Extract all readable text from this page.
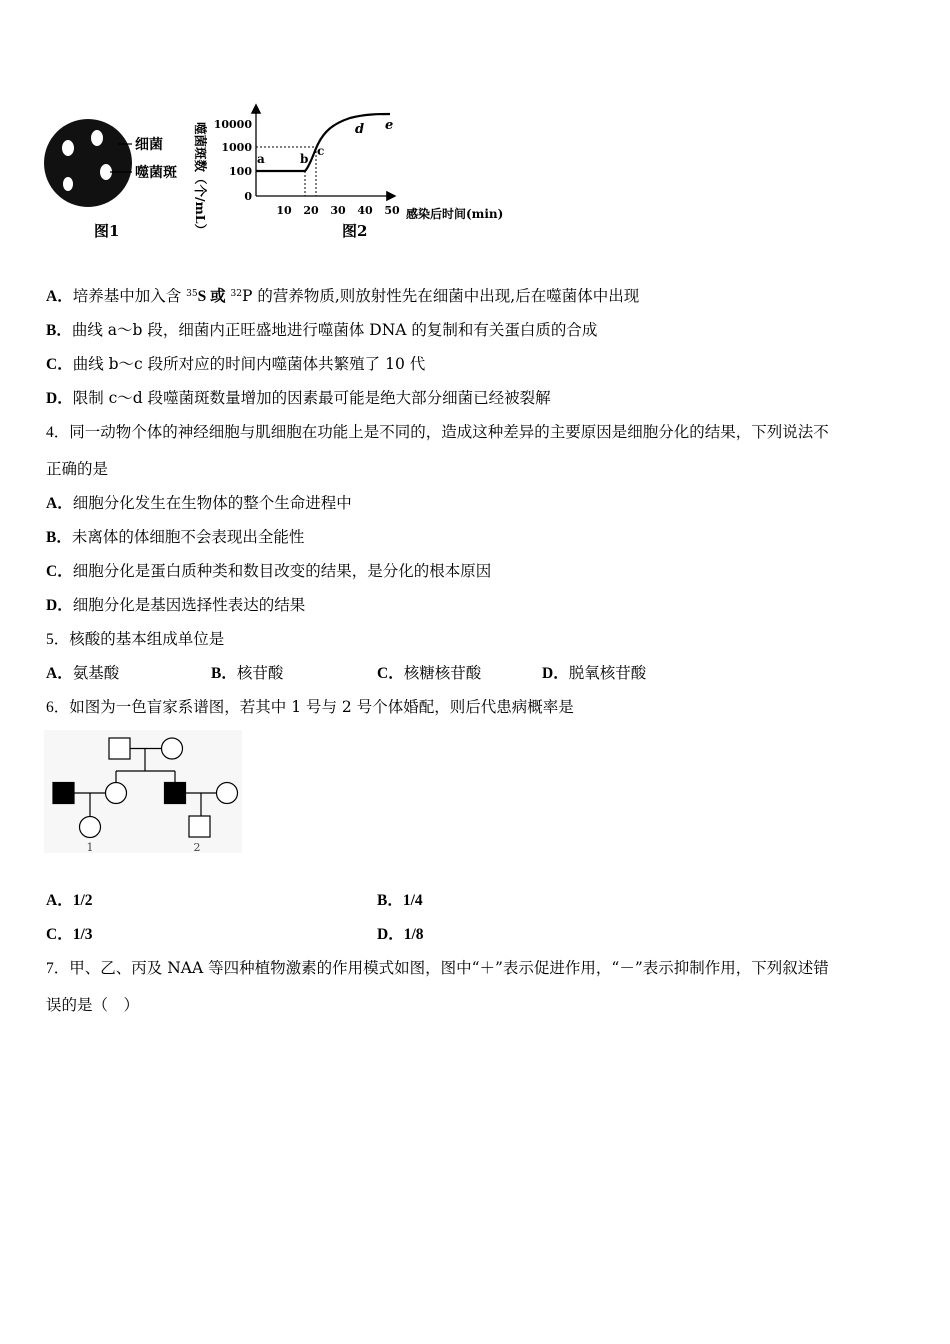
细菌
噬菌斑
图1	噬菌斑数（个/mL） 10000
1000
100
0
10 20 30 40 50 感染后时间(min)
a	b
c
d e
图2
A．培养基中加入含 $^{35}$S 或 $^{32}$P 的营养物质,则放射性先在细菌中出现,后在噬菌体中出现
B．曲线 a～b 段，细菌内正旺盛地进行噬菌体 DNA 的复制和有关蛋白质的合成
C．曲线 b～c 段所对应的时间内噬菌体共繁殖了 10 代
D．限制 c～d 段噬菌斑数量增加的因素最可能是绝大部分细菌已经被裂解
4．同一动物个体的神经细胞与肌细胞在功能上是不同的，造成这种差异的主要原因是细胞分化的结果，下列说法不
正确的是
A．细胞分化发生在生物体的整个生命进程中
B．未离体的体细胞不会表现出全能性
C．细胞分化是蛋白质种类和数目改变的结果，是分化的根本原因
D．细胞分化是基因选择性表达的结果
5．核酸的基本组成单位是
A．氨基酸	B．核苷酸	C．核糖核苷酸	D．脱氧核苷酸
6．如图为一色盲家系谱图，若其中 1 号与 2 号个体婚配，则后代患病概率是
1	2
A．1/2	B．1/4
C．1/3	D．1/8
7．甲、乙、丙及 NAA 等四种植物激素的作用模式如图，图中“＋”表示促进作用，“－”表示抑制作用，下列叙述错
误的是（　）
